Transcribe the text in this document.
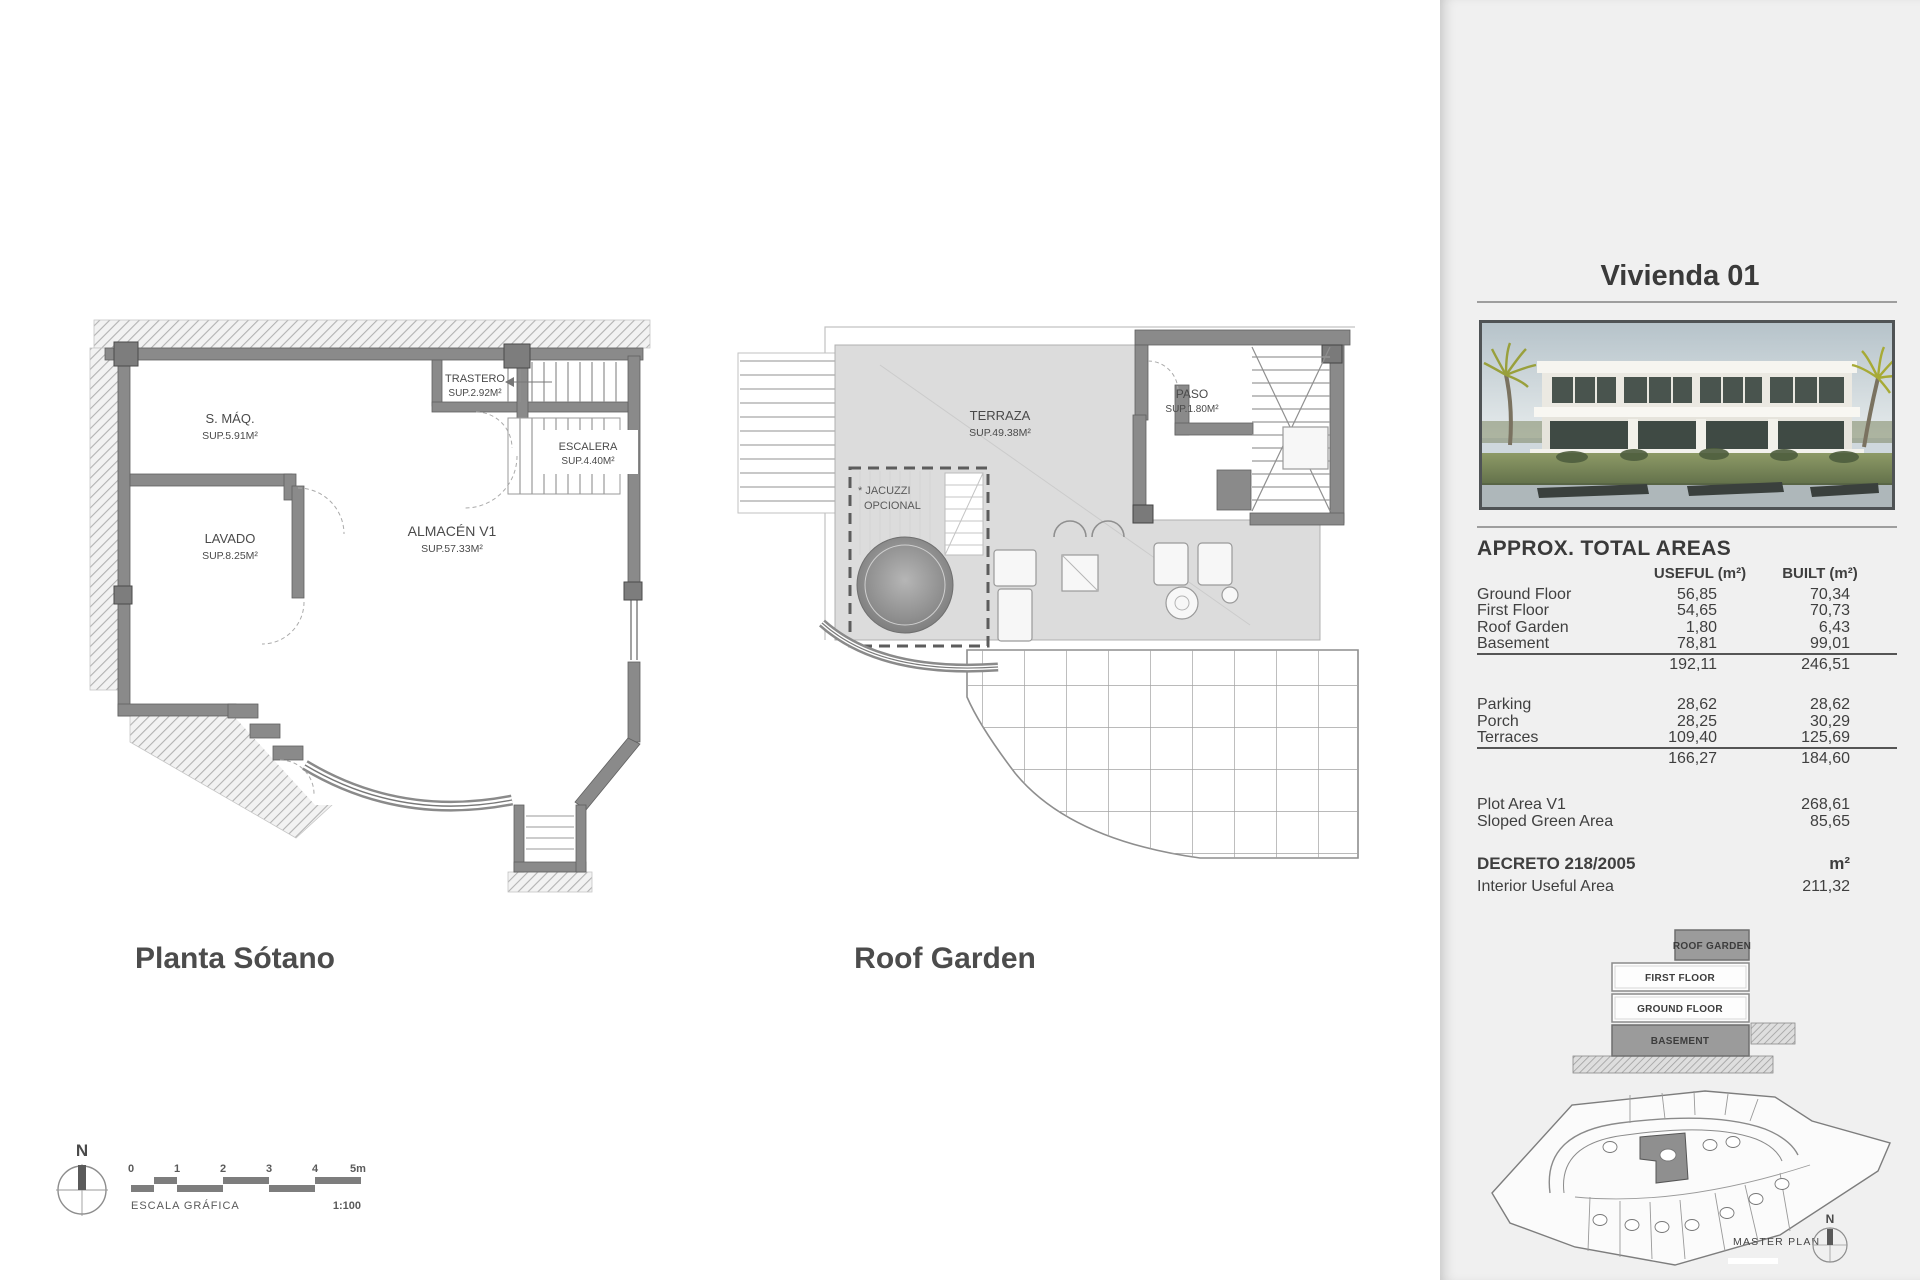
S. MÁQ.
SUP.5.91M²
TRASTERO
SUP.2.92M²
ESCALERA
SUP.4.40M²
LAVADO
SUP.8.25M²
ALMACÉN V1
SUP.57.33M²
TERRAZA
SUP.49.38M²
PASO
SUP.1.80M²
* JACUZZI
OPCIONAL
Planta Sótano	Roof Garden
N
0	1	2	3	4	5m
ESCALA GRÁFICA	1:100
Vivienda 01
APPROX. TOTAL AREAS
USEFUL (m²)	BUILT (m²)
Ground Floor	56,85	70,34
First Floor	54,65	70,73
Roof Garden	1,80	6,43
Basement	78,81	99,01
192,11	246,51
Parking	28,62	28,62
Porch	28,25	30,29
Terraces	109,40	125,69
166,27	184,60
Plot Area V1	268,61
Sloped Green Area	85,65
DECRETO 218/2005	m²
Interior Useful Area	211,32
ROOF GARDEN
FIRST FLOOR
GROUND FLOOR
BASEMENT
MASTER PLAN
N
